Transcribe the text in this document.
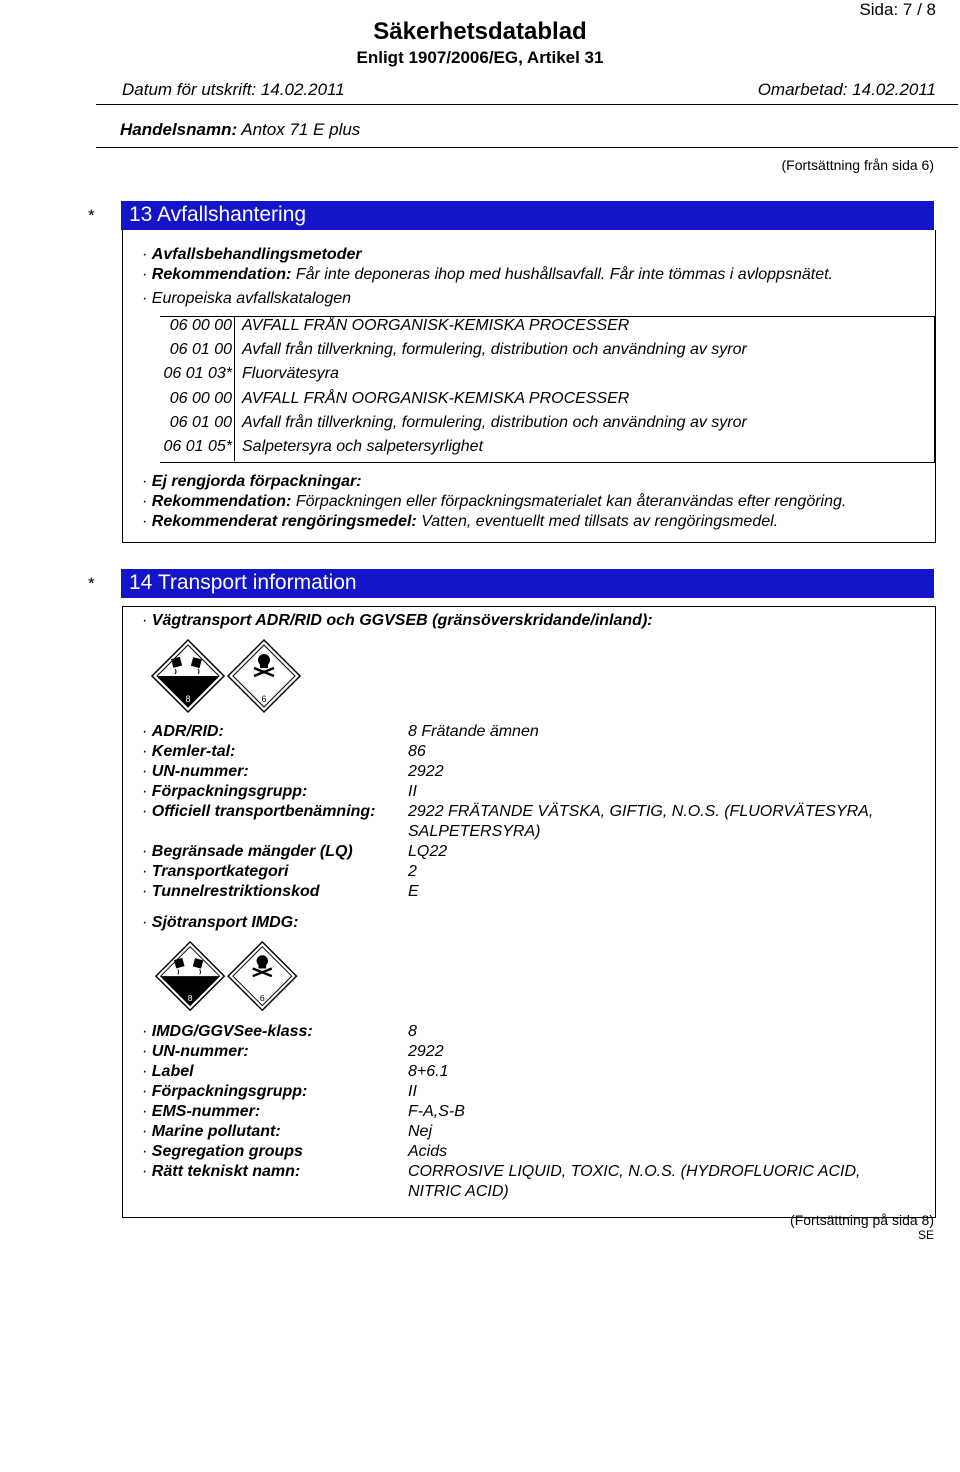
Sida: 7 / 8
Säkerhetsdatablad
Enligt 1907/2006/EG, Artikel 31
Datum för utskrift: 14.02.2011	Omarbetad: 14.02.2011
Handelsnamn: Antox 71 E plus
(Fortsättning från sida 6)
* 13 Avfallshantering
· Avfallsbehandlingsmetoder
· Rekommendation: Får inte deponeras ihop med hushållsavfall. Får inte tömmas i avloppsnätet.
· Europeiska avfallskatalogen
06 00 00 AVFALL FRÅN OORGANISK-KEMISKA PROCESSER
06 01 00 Avfall från tillverkning, formulering, distribution och användning av syror
06 01 03* Fluorvätesyra
06 00 00 AVFALL FRÅN OORGANISK-KEMISKA PROCESSER
06 01 00 Avfall från tillverkning, formulering, distribution och användning av syror
06 01 05* Salpetersyra och salpetersyrlighet
· Ej rengjorda förpackningar:
· Rekommendation: Förpackningen eller förpackningsmaterialet kan återanvändas efter rengöring.
· Rekommenderat rengöringsmedel: Vatten, eventuellt med tillsats av rengöringsmedel.
* 14 Transport information
· Vägtransport ADR/RID och GGVSEB (gränsöverskridande/inland):
8	6
· ADR/RID:	8 Frätande ämnen
· Kemler-tal:	86
· UN-nummer:	2922
· Förpackningsgrupp:	II
· Officiell transportbenämning: 2922 FRÄTANDE VÄTSKA, GIFTIG, N.O.S. (FLUORVÄTESYRA,
SALPETERSYRA)
· Begränsade mängder (LQ)	LQ22
· Transportkategori	2
· Tunnelrestriktionskod	E
· Sjötransport IMDG:
8	6
· IMDG/GGVSee-klass:	8
· UN-nummer:	2922
· Label	8+6.1
· Förpackningsgrupp:	II
· EMS-nummer:	F-A,S-B
· Marine pollutant:	Nej
· Segregation groups	Acids
· Rätt tekniskt namn:	CORROSIVE LIQUID, TOXIC, N.O.S. (HYDROFLUORIC ACID,
NITRIC ACID)
(Fortsättning på sida 8)
SE
